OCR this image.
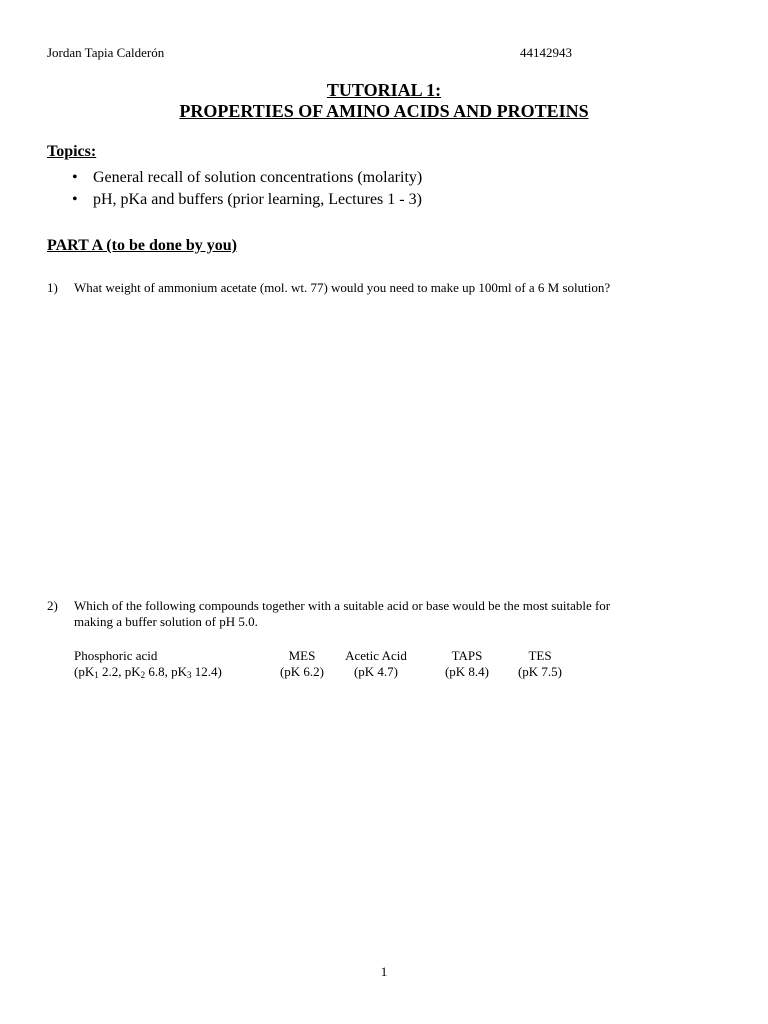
Jordan Tapia Calderón	44142943
TUTORIAL 1:
PROPERTIES OF AMINO ACIDS AND PROTEINS
Topics:
• General recall of solution concentrations (molarity)
• pH, pKa and buffers (prior learning, Lectures 1 - 3)
PART A (to be done by you)
1) What weight of ammonium acetate (mol. wt. 77) would you need to make up 100ml of a 6 M solution?
2) Which of the following compounds together with a suitable acid or base would be the most suitable for
making a buffer solution of pH 5.0.
Phosphoric acid
($pK_1$ 2.2, $pK_2$ 6.8, $pK_3$ 12.4)
MES
(pK 6.2)
Acetic Acid
(pK 4.7)
TAPS
(pK 8.4)
TES
(pK 7.5)
1
